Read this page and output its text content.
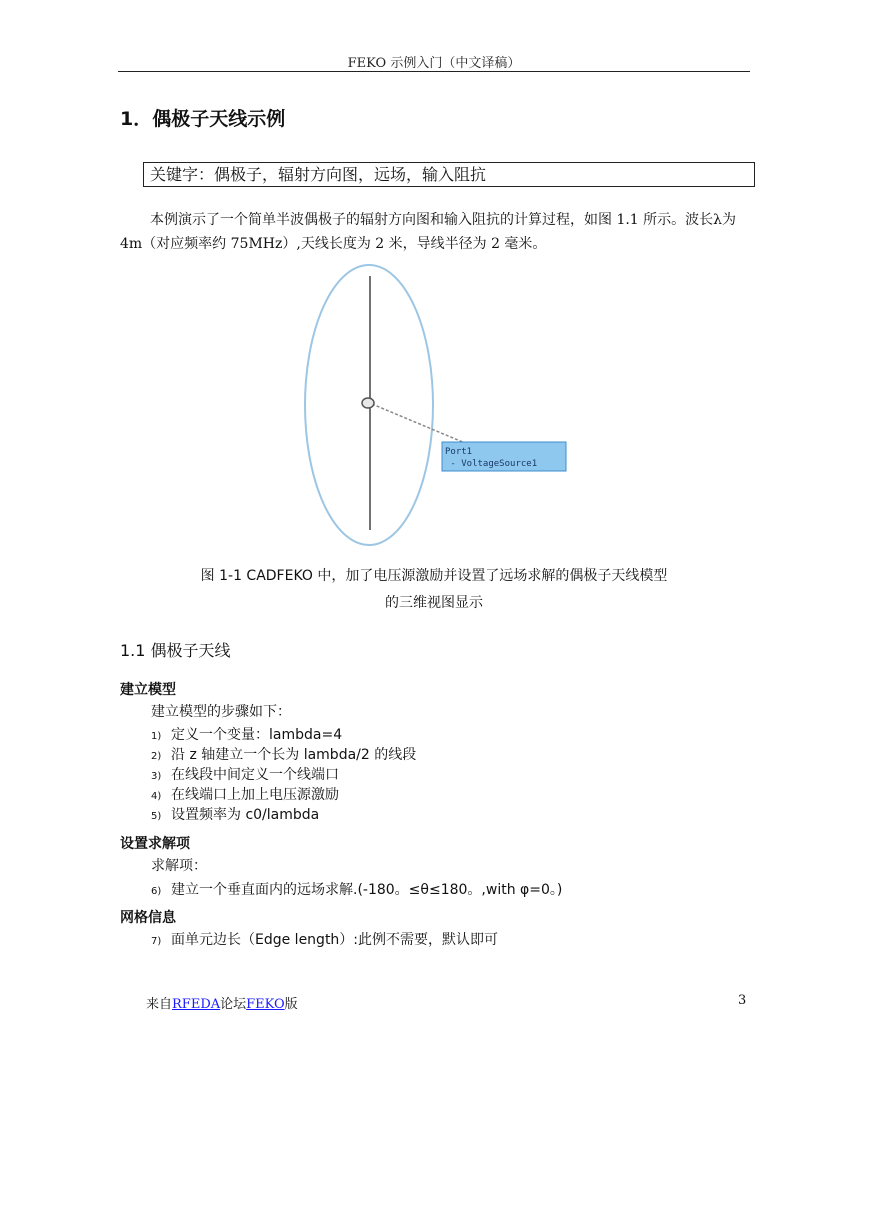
FEKO 示例入门（中文译稿）
1．偶极子天线示例
关键字：偶极子，辐射方向图，远场，输入阻抗
本例演示了一个简单半波偶极子的辐射方向图和输入阻抗的计算过程，如图 1.1 所示。波长λ为 4m（对应频率约 75MHz）,天线长度为 2 米，导线半径为 2 毫米。
Port1
- VoltageSource1
图 1-1 CADFEKO 中，加了电压源激励并设置了远场求解的偶极子天线模型
的三维视图显示
1.1 偶极子天线
建立模型
建立模型的步骤如下：
1) 定义一个变量：lambda=4
2) 沿 z 轴建立一个长为 lambda/2 的线段
3) 在线段中间定义一个线端口
4) 在线端口上加上电压源激励
5) 设置频率为 c0/lambda
设置求解项
求解项：
6) 建立一个垂直面内的远场求解.(-180。≤θ≤180。,with φ=0。)
网格信息
7) 面单元边长（Edge length）:此例不需要，默认即可
来自RFEDA论坛FEKO版	3
